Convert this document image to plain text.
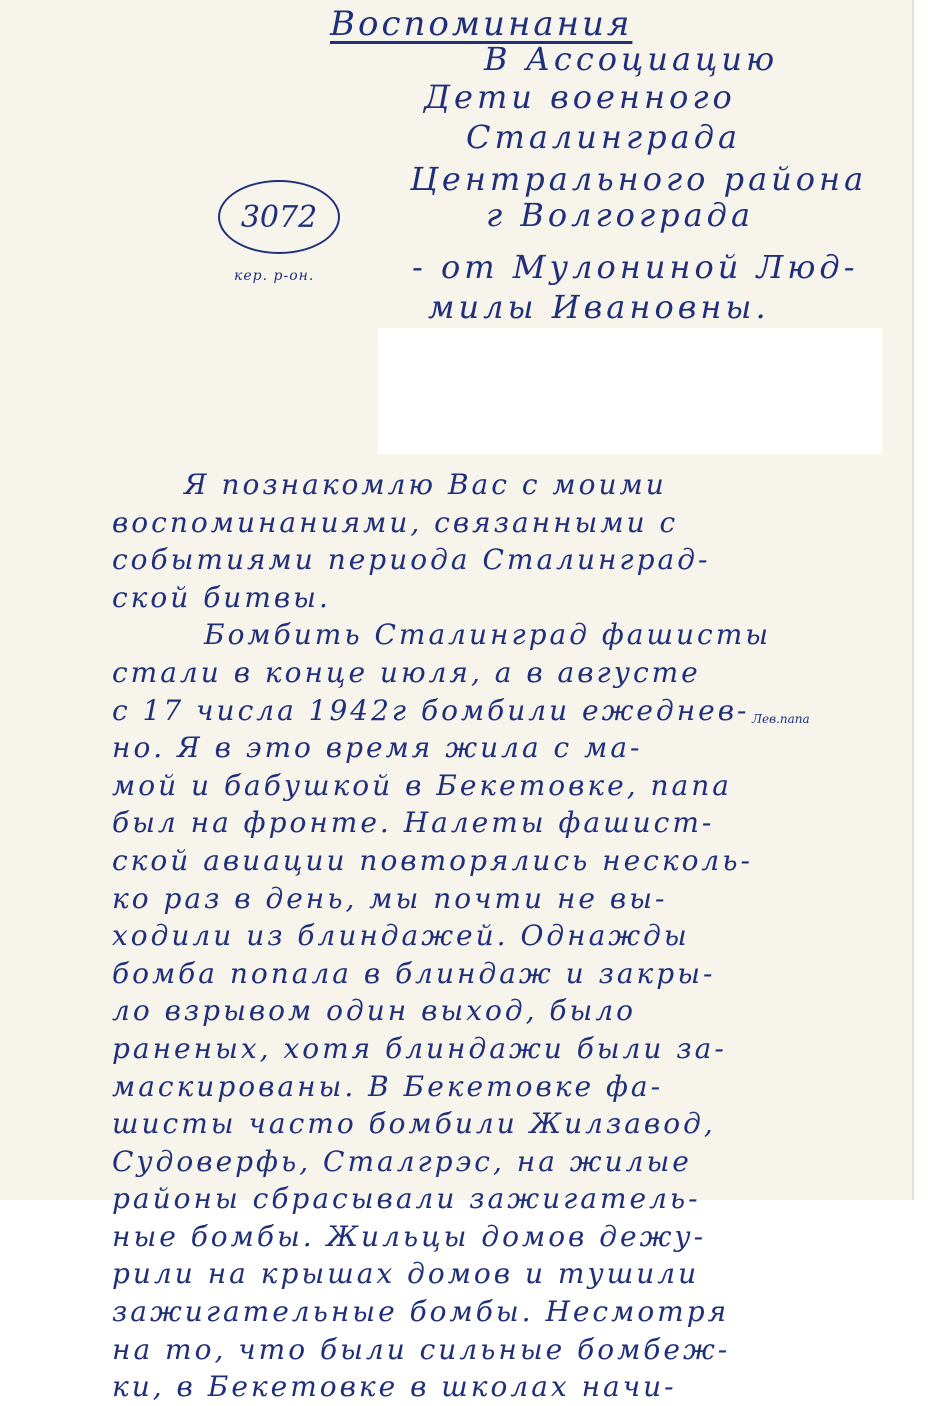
Воспоминания
В Ассоциацию
Дети военного
Сталинграда
Центрального района
г Волгограда
- от Мулониной Люд-
милы Ивановны.
3072
кер. р-он.
Лев.папа
Я познакомлю Вас с моими
воспоминаниями, связанными с
событиями периода Сталинград-
ской битвы.
Бомбить Сталинград фашисты
стали в конце июля, а в августе
с 17 числа 1942г бомбили ежеднев-
но. Я в это время жила с ма-
мой и бабушкой в Бекетовке, папа
был на фронте. Налеты фашист-
ской авиации повторялись несколь-
ко раз в день, мы почти не вы-
ходили из блиндажей. Однажды
бомба попала в блиндаж и закры-
ло взрывом один выход, было
раненых, хотя блиндажи были за-
маскированы. В Бекетовке фа-
шисты часто бомбили Жилзавод,
Судоверфь, Сталгрэс, на жилые
районы сбрасывали зажигатель-
ные бомбы. Жильцы домов дежу-
рили на крышах домов и тушили
зажигательные бомбы. Несмотря
на то, что были сильные бомбеж-
ки, в Бекетовке в школах начи-
